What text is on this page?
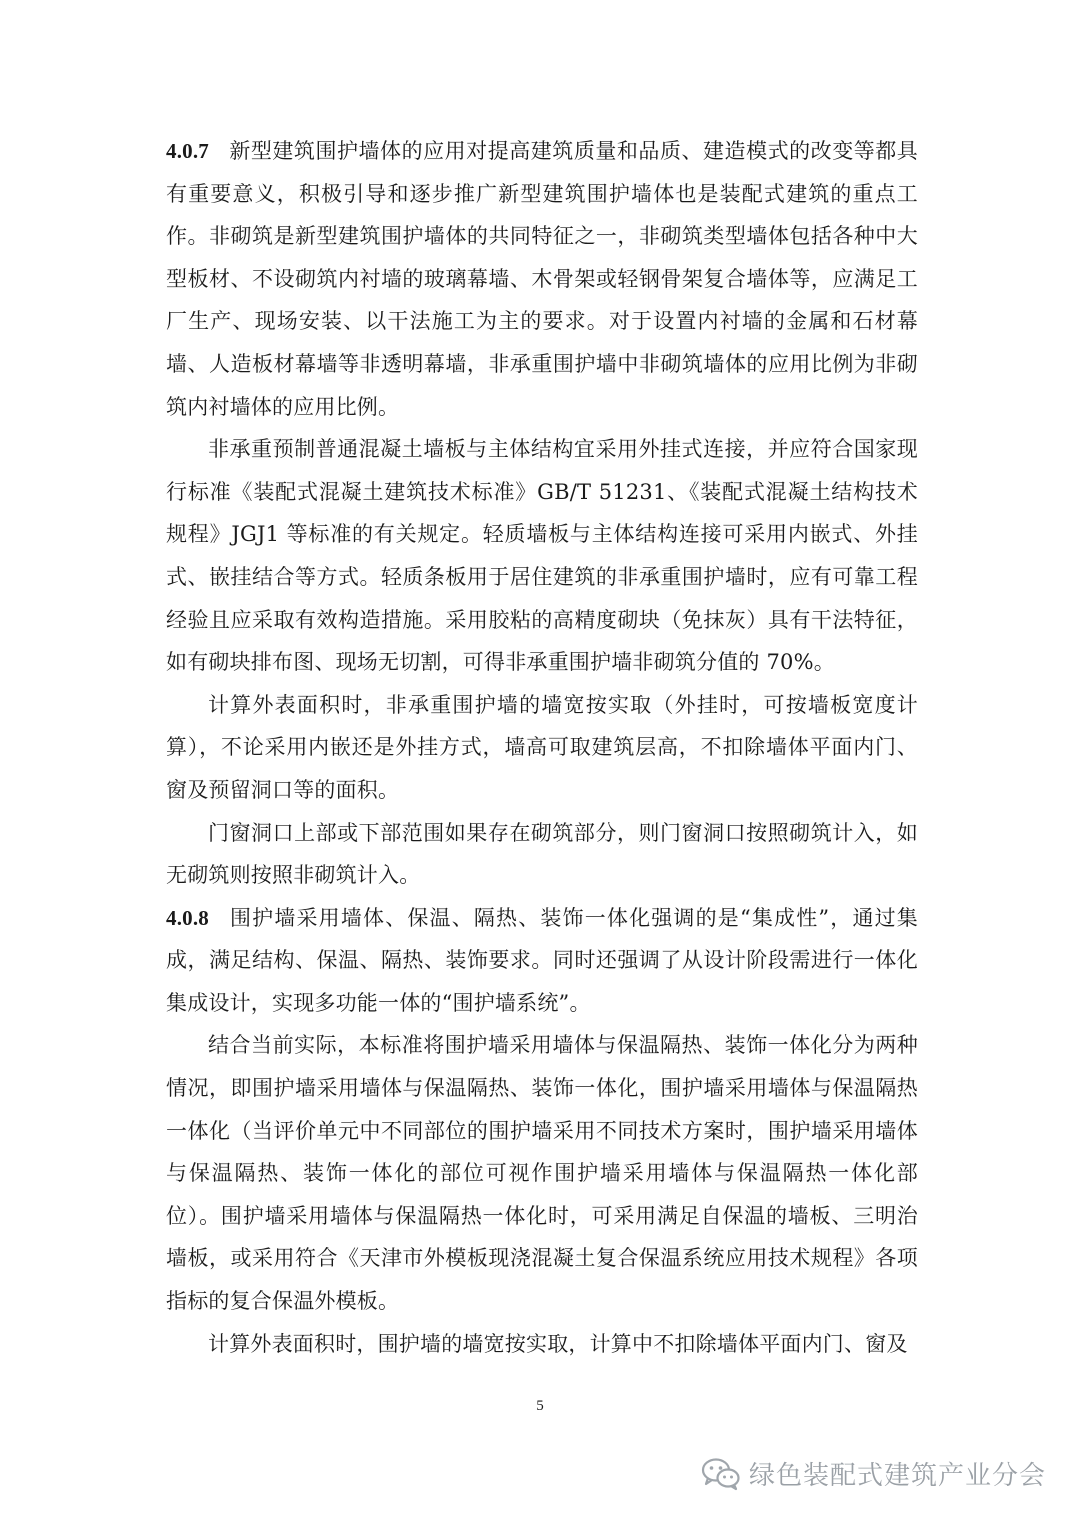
4.0.7 新型建筑围护墙体的应用对提高建筑质量和品质、建造模式的改变等都具有重要意义，积极引导和逐步推广新型建筑围护墙体也是装配式建筑的重点工作。非砌筑是新型建筑围护墙体的共同特征之一，非砌筑类型墙体包括各种中大型板材、不设砌筑内衬墙的玻璃幕墙、木骨架或轻钢骨架复合墙体等，应满足工厂生产、现场安装、以干法施工为主的要求。对于设置内衬墙的金属和石材幕墙、人造板材幕墙等非透明幕墙，非承重围护墙中非砌筑墙体的应用比例为非砌筑内衬墙体的应用比例。

非承重预制普通混凝土墙板与主体结构宜采用外挂式连接，并应符合国家现行标准《装配式混凝土建筑技术标准》GB/T 51231、《装配式混凝土结构技术规程》JGJ1 等标准的有关规定。轻质墙板与主体结构连接可采用内嵌式、外挂式、嵌挂结合等方式。轻质条板用于居住建筑的非承重围护墙时，应有可靠工程经验且应采取有效构造措施。采用胶粘的高精度砌块（免抹灰）具有干法特征，如有砌块排布图、现场无切割，可得非承重围护墙非砌筑分值的 70%。

计算外表面积时，非承重围护墙的墙宽按实取（外挂时，可按墙板宽度计算），不论采用内嵌还是外挂方式，墙高可取建筑层高，不扣除墙体平面内门、窗及预留洞口等的面积。

门窗洞口上部或下部范围如果存在砌筑部分，则门窗洞口按照砌筑计入，如无砌筑则按照非砌筑计入。

4.0.8 围护墙采用墙体、保温、隔热、装饰一体化强调的是“集成性”，通过集成，满足结构、保温、隔热、装饰要求。同时还强调了从设计阶段需进行一体化集成设计，实现多功能一体的“围护墙系统”。

结合当前实际，本标准将围护墙采用墙体与保温隔热、装饰一体化分为两种情况，即围护墙采用墙体与保温隔热、装饰一体化，围护墙采用墙体与保温隔热一体化（当评价单元中不同部位的围护墙采用不同技术方案时，围护墙采用墙体与保温隔热、装饰一体化的部位可视作围护墙采用墙体与保温隔热一体化部位）。围护墙采用墙体与保温隔热一体化时，可采用满足自保温的墙板、三明治墙板，或采用符合《天津市外模板现浇混凝土复合保温系统应用技术规程》各项指标的复合保温外模板。

计算外表面积时，围护墙的墙宽按实取，计算中不扣除墙体平面内门、窗及

5
绿色装配式建筑产业分会
